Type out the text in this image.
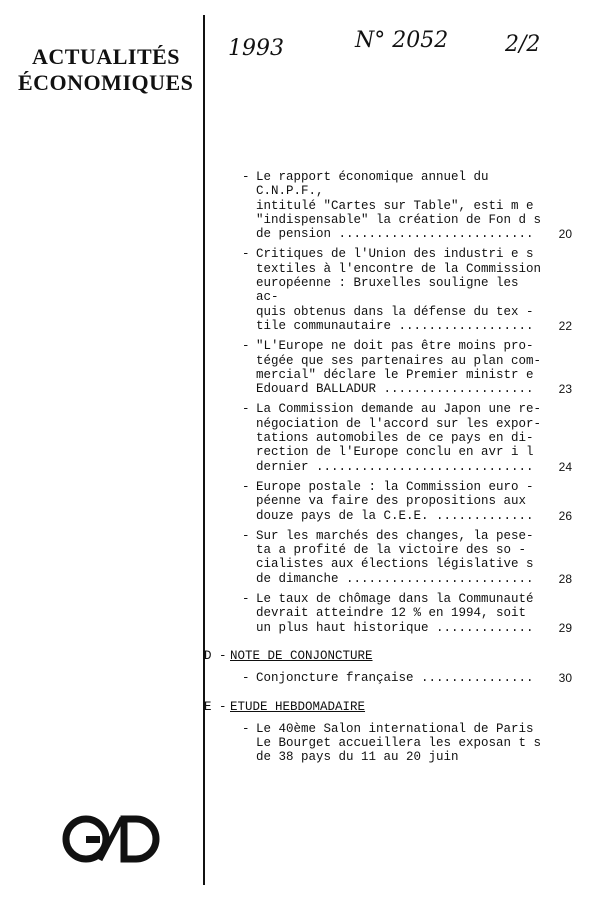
ACTUALITÉS
ÉCONOMIQUES
1993	N° 2052	2/2
- Le rapport économique annuel du C.N.P.F.,
intitulé "Cartes sur Table", esti m e
"indispensable" la création de Fon d s
de pension ..........................	20
- Critiques de l'Union des industri e s
textiles à l'encontre de la Commission
européenne : Bruxelles souligne les ac-
quis obtenus dans la défense du tex -
tile communautaire ..................	22
- "L'Europe ne doit pas être moins pro-
tégée que ses partenaires au plan com-
mercial" déclare le Premier ministr e
Edouard BALLADUR ....................	23
- La Commission demande au Japon une re-
négociation de l'accord sur les expor-
tations automobiles de ce pays en di-
rection de l'Europe conclu en avr i l
dernier .............................	24
- Europe postale : la Commission euro -
péenne va faire des propositions aux
douze pays de la C.E.E. .............	26
- Sur les marchés des changes, la pese-
ta a profité de la victoire des so -
cialistes aux élections législative s
de dimanche .........................	28
- Le taux de chômage dans la Communauté
devrait atteindre 12 % en 1994, soit
un plus haut historique .............	29
D - NOTE DE CONJONCTURE
- Conjoncture française ...............	30
E - ETUDE HEBDOMADAIRE
- Le 40ème Salon international de Paris
Le Bourget accueillera les exposan t s
de 38 pays du 11 au 20 juin
